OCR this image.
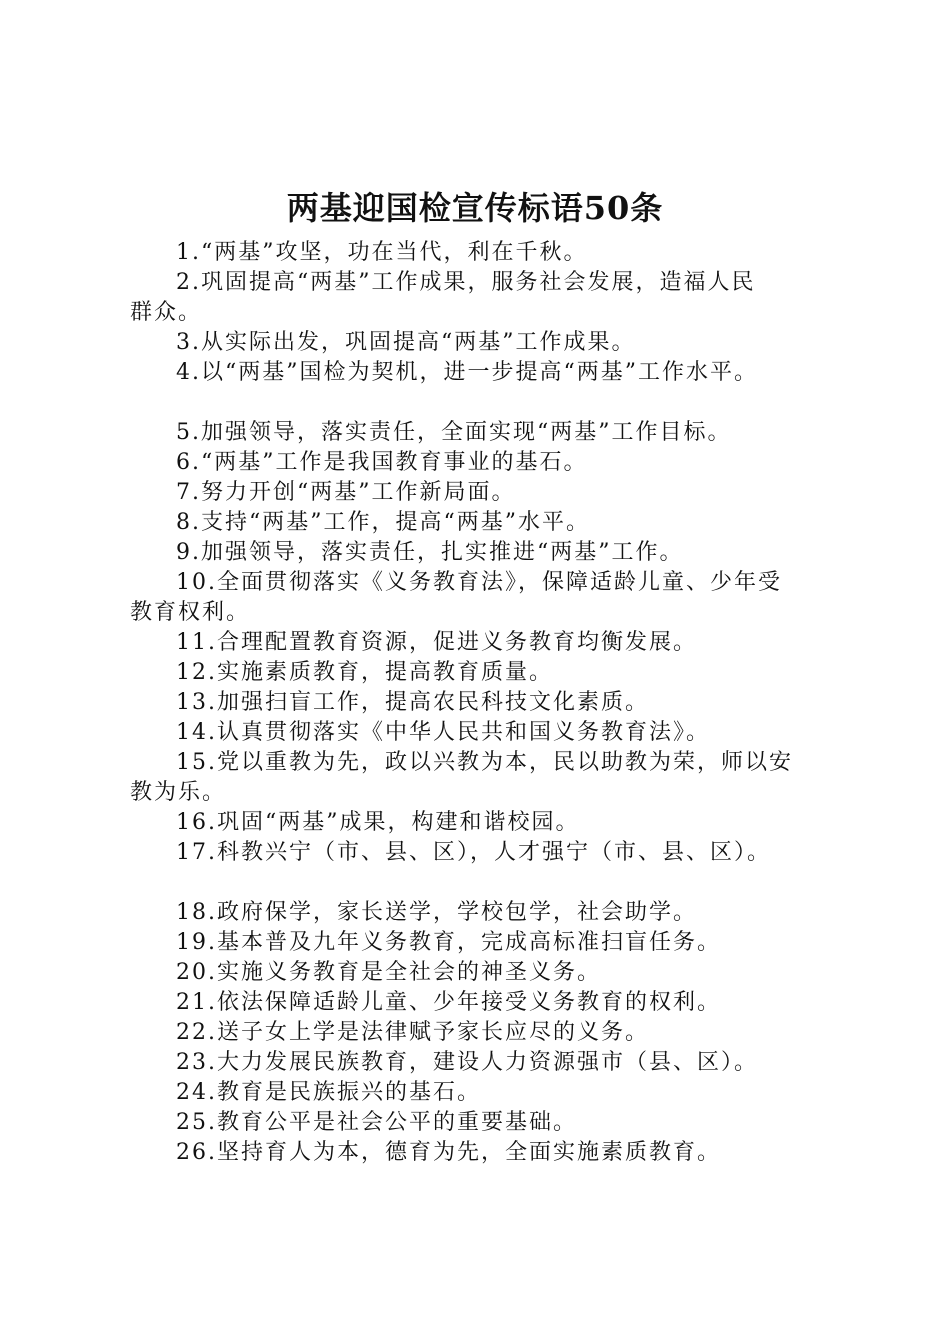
两基迎国检宣传标语50条

1.“两基”攻坚，功在当代，利在千秋。

2.巩固提高“两基”工作成果，服务社会发展，造福人民

群众。

3.从实际出发，巩固提高“两基”工作成果。

4.以“两基”国检为契机，进一步提高“两基”工作水平。

5.加强领导，落实责任，全面实现“两基”工作目标。

6.“两基”工作是我国教育事业的基石。

7.努力开创“两基”工作新局面。

8.支持“两基”工作，提高“两基”水平。

9.加强领导，落实责任，扎实推进“两基”工作。

10.全面贯彻落实《义务教育法》，保障适龄儿童、少年受

教育权利。

11.合理配置教育资源，促进义务教育均衡发展。

12.实施素质教育，提高教育质量。

13.加强扫盲工作，提高农民科技文化素质。

14.认真贯彻落实《中华人民共和国义务教育法》。

15.党以重教为先，政以兴教为本，民以助教为荣，师以安

教为乐。

16.巩固“两基”成果，构建和谐校园。

17.科教兴宁（市、县、区），人才强宁（市、县、区）。

18.政府保学，家长送学，学校包学，社会助学。

19.基本普及九年义务教育，完成高标准扫盲任务。

20.实施义务教育是全社会的神圣义务。

21.依法保障适龄儿童、少年接受义务教育的权利。

22.送子女上学是法律赋予家长应尽的义务。

23.大力发展民族教育，建设人力资源强市（县、区）。

24.教育是民族振兴的基石。

25.教育公平是社会公平的重要基础。

26.坚持育人为本，德育为先，全面实施素质教育。
